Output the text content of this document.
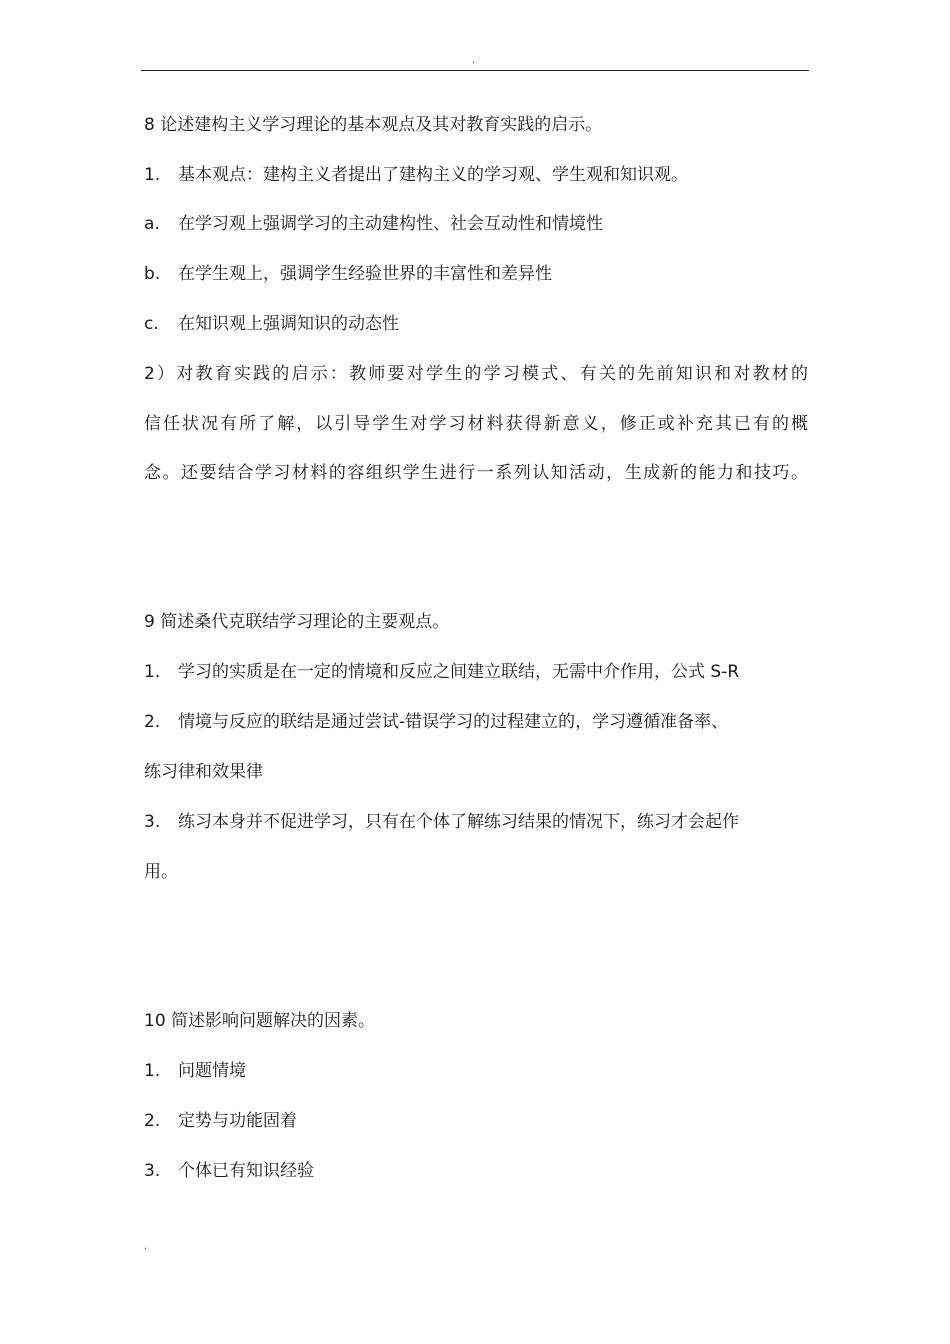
.
8 论述建构主义学习理论的基本观点及其对教育实践的启示。
1. 基本观点：建构主义者提出了建构主义的学习观、学生观和知识观。
a. 在学习观上强调学习的主动建构性、社会互动性和情境性
b. 在学生观上，强调学生经验世界的丰富性和差异性
c. 在知识观上强调知识的动态性
2）对教育实践的启示：教师要对学生的学习模式、有关的先前知识和对教材的
信任状况有所了解，以引导学生对学习材料获得新意义，修正或补充其已有的概
念。还要结合学习材料的容组织学生进行一系列认知活动，生成新的能力和技巧。
9 简述桑代克联结学习理论的主要观点。
1. 学习的实质是在一定的情境和反应之间建立联结，无需中介作用，公式 S-R
2. 情境与反应的联结是通过尝试-错误学习的过程建立的，学习遵循准备率、
练习律和效果律
3. 练习本身并不促进学习，只有在个体了解练习结果的情况下，练习才会起作
用。
10 简述影响问题解决的因素。
1. 问题情境
2. 定势与功能固着
3. 个体已有知识经验
.
